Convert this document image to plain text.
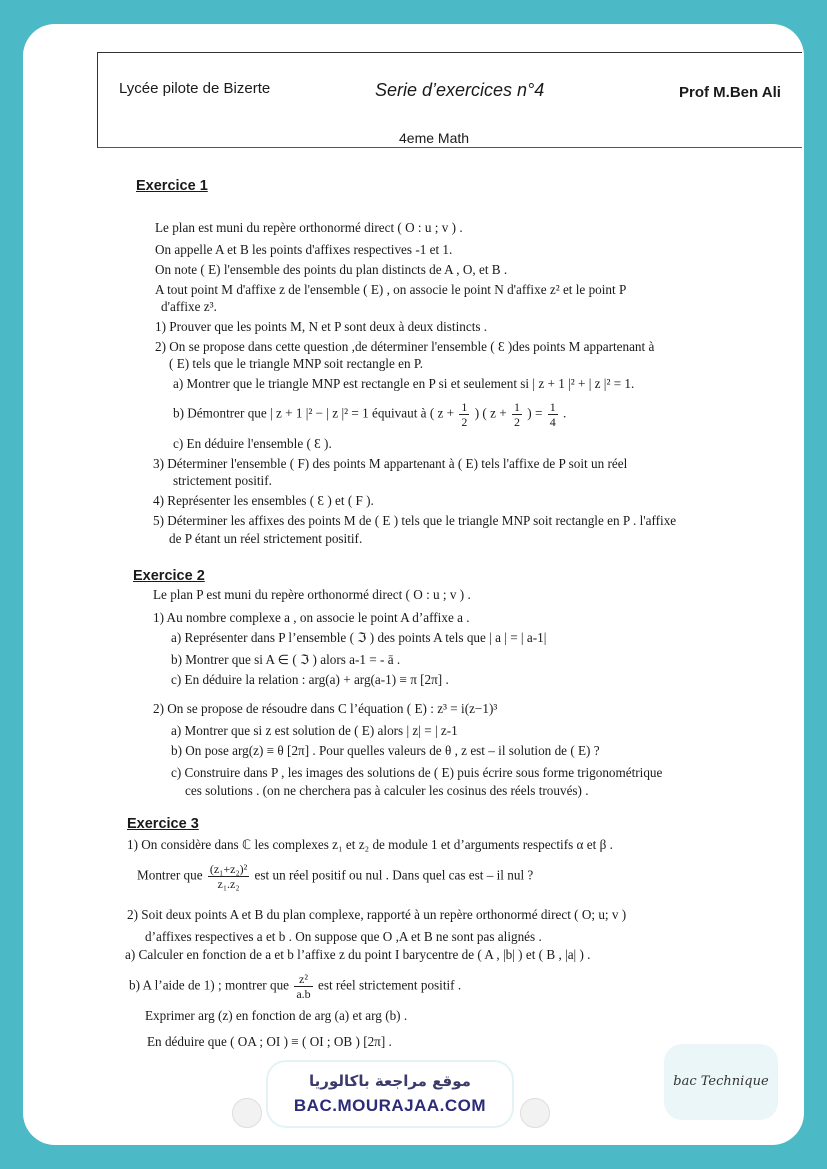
Lycée pilote de Bizerte	Serie d’exercices n°4	Prof M.Ben Ali
4eme Math
Exercice 1
Le plan est muni du repère orthonormé direct ( O : u ; v ) .
On appelle A et B les points d'affixes respectives -1 et 1.
On note ( E) l'ensemble des points du plan distincts de A , O, et B .
A tout point M d'affixe z de l'ensemble ( E) , on associe le point N d'affixe z² et le point P
d'affixe z³.
1) Prouver que les points M, N et P sont deux à deux distincts .
2) On se propose dans cette question ,de déterminer l'ensemble ( Ɛ )des points M appartenant à
( E) tels que le triangle MNP soit rectangle en P.
a) Montrer que le triangle MNP est rectangle en P si et seulement si | z + 1 |² + | z |² = 1.
b) Démontrer que | z + 1 |² − | z |² = 1 équivaut à ( $z + \frac{1}{2}$ ) ( $z + \frac{1}{2}$ ) = $\frac{1}{4}$ .
c) En déduire l'ensemble ( Ɛ ).
3) Déterminer l'ensemble ( F) des points M appartenant à ( E) tels l'affixe de P soit un réel
strictement positif.
4) Représenter les ensembles ( Ɛ ) et ( F ).
5) Déterminer les affixes des points M de ( E ) tels que le triangle MNP soit rectangle en P . l'affixe
de P étant un réel strictement positif.
Exercice 2
Le plan P est muni du repère orthonormé direct ( O : u ; v ) .
1) Au nombre complexe a , on associe le point A d’affixe a .
a) Représenter dans P l’ensemble ( ℑ ) des points A tels que | a | = | a-1|
b) Montrer que si A ∈ ( ℑ ) alors a-1 = - ā .
c) En déduire la relation : arg(a) + arg(a-1) ≡ π [2π] .
2) On se propose de résoudre dans C l’équation ( E) : z³ = i(z−1)³
a) Montrer que si z est solution de ( E) alors | z| = | z-1
b) On pose arg(z) ≡ θ [2π] . Pour quelles valeurs de θ , z est – il solution de ( E) ?
c) Construire dans P , les images des solutions de ( E) puis écrire sous forme trigonométrique
ces solutions . (on ne cherchera pas à calculer les cosinus des réels trouvés) .
Exercice 3
1) On considère dans ℂ les complexes z₁ et z₂ de module 1 et d’arguments respectifs α et β .
Montrer que $\frac{\text{(z₁+z₂)²}}{\text{z₁.z₂}}$ est un réel positif ou nul . Dans quel cas est – il nul ?
2) Soit deux points A et B du plan complexe, rapporté à un repère orthonormé direct ( O; u; v )
d’affixes respectives a et b . On suppose que O ,A et B ne sont pas alignés .
a) Calculer en fonction de a et b l’affixe z du point I barycentre de ( A , |b| ) et ( B , |a| ) .
b) A l’aide de 1) ; montrer que $\frac{\text{z²}}{a.b}$ est réel strictement positif .
Exprimer arg (z) en fonction de arg (a) et arg (b) .
En déduire que ( OA ; OI ) ≡ ( OI ; OB ) [2π] .
موقع مراجعة باكالوريا
BAC.MOURAJAA.COM
bac Technique
